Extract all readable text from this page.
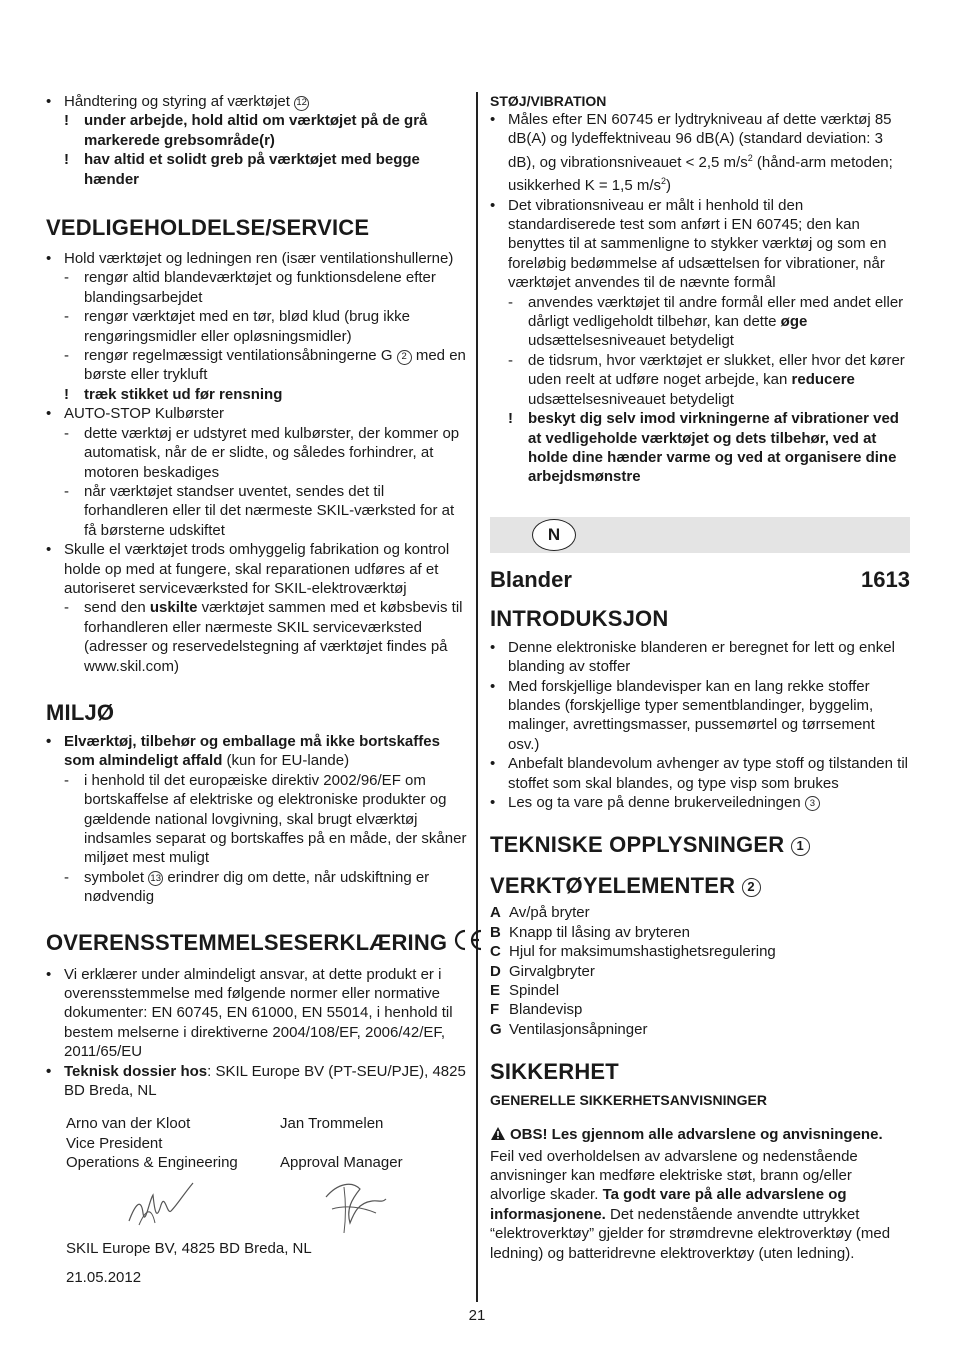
• Håndtering og styring af værktøjet 12
! under arbejde, hold altid om værktøjet på de grå markerede grebsområde(r)
! hav altid et solidt greb på værktøjet med begge hænder
VEDLIGEHOLDELSE/SERVICE
• Hold værktøjet og ledningen ren (især ventilationshullerne)
- rengør altid blandeværktøjet og funktionsdelene efter blandingsarbejdet
- rengør værktøjet med en tør, blød klud (brug ikke rengøringsmidler eller opløsningsmidler)
- rengør regelmæssigt ventilationsåbningerne G 2 med en børste eller trykluft
! træk stikket ud før rensning
• AUTO-STOP Kulbørster
- dette værktøj er udstyret med kulbørster, der kommer op automatisk, når de er slidte, og således forhindrer, at motoren beskadiges
- når værktøjet standser uventet, sendes det til forhandleren eller til det nærmeste SKIL-værksted for at få børsterne udskiftet
• Skulle el værktøjet trods omhyggelig fabrikation og kontrol holde op med at fungere, skal reparationen udføres af et autoriseret serviceværksted for SKIL-elektroværktøj
- send den uskilte værktøjet sammen med et købsbevis til forhandleren eller nærmeste SKIL serviceværksted (adresser og reservedelstegning af værktøjet findes på www.skil.com)
MILJØ
• Elværktøj, tilbehør og emballage må ikke bortskaffes som almindeligt affald (kun for EU-lande)
- i henhold til det europæiske direktiv 2002/96/EF om bortskaffelse af elektriske og elektroniske produkter og gældende national lovgivning, skal brugt elværktøj indsamles separat og bortskaffes på en måde, der skåner miljøet mest muligt
- symbolet 13 erindrer dig om dette, når udskiftning er nødvendig
OVERENSSTEMMELSESERKLÆRING
• Vi erklærer under almindeligt ansvar, at dette produkt er i overensstemmelse med følgende normer eller normative dokumenter: EN 60745, EN 61000, EN 55014, i henhold til bestem melserne i direktiverne 2004/108/EF, 2006/42/EF, 2011/65/EU
• Teknisk dossier hos: SKIL Europe BV (PT-SEU/PJE), 4825 BD Breda, NL

Arno van der Kloot

Vice President

Operations & Engineering

Jan Trommelen

Approval Manager

SKIL Europe BV, 4825 BD Breda, NL

21.05.2012

STØJ/VIBRATION
• Måles efter EN 60745 er lydtrykniveau af dette værktøj 85 dB(A) og lydeffektniveau 96 dB(A) (standard deviation: 3 dB), og vibrationsniveauet < 2,5 $m/s^2$ (hånd-arm metoden; usikkerhed K = 1,5 $m/s^2$)
• Det vibrationsniveau er målt i henhold til den standardiserede test som anført i EN 60745; den kan benyttes til at sammenligne to stykker værktøj og som en foreløbig bedømmelse af udsættelsen for vibrationer, når værktøjet anvendes til de nævnte formål
- anvendes værktøjet til andre formål eller med andet eller dårligt vedligeholdt tilbehør, kan dette øge udsættelsesniveauet betydeligt
- de tidsrum, hvor værktøjet er slukket, eller hvor det kører uden reelt at udføre noget arbejde, kan reducere udsættelsesniveauet betydeligt
! beskyt dig selv imod virkningerne af vibrationer ved at vedligeholde værktøjet og dets tilbehør, ved at holde dine hænder varme og ved at organisere dine arbejdsmønstre
N
Blander	1613
INTRODUKSJON
• Denne elektroniske blanderen er beregnet for lett og enkel blanding av stoffer
• Med forskjellige blandevisper kan en lang rekke stoffer blandes (forskjellige typer sementblandinger, byggelim, malinger, avrettingsmasser, pussemørtel og tørrsement osv.)
• Anbefalt blandevolum avhenger av type stoff og tilstanden til stoffet som skal blandes, og type visp som brukes
• Les og ta vare på denne brukerveiledningen 3
TEKNISKE OPPLYSNINGER 1
VERKTØYELEMENTER 2
A Av/på bryter
B Knapp til låsing av bryteren
C Hjul for maksimumshastighetsregulering
D Girvalgbryter
E Spindel
F Blandevisp
G Ventilasjonsåpninger
SIKKERHET
GENERELLE SIKKERHETSANVISNINGER

OBS! Les gjennom alle advarslene og anvisningene. Feil ved overholdelsen av advarslene og nedenstående anvisninger kan medføre elektriske støt, brann og/eller alvorlige skader. Ta godt vare på alle advarslene og informasjonene. Det nedenstående anvendte uttrykket “elektroverktøy” gjelder for strømdrevne elektroverktøy (med ledning) og batteridrevne elektroverktøy (uten ledning).

21
